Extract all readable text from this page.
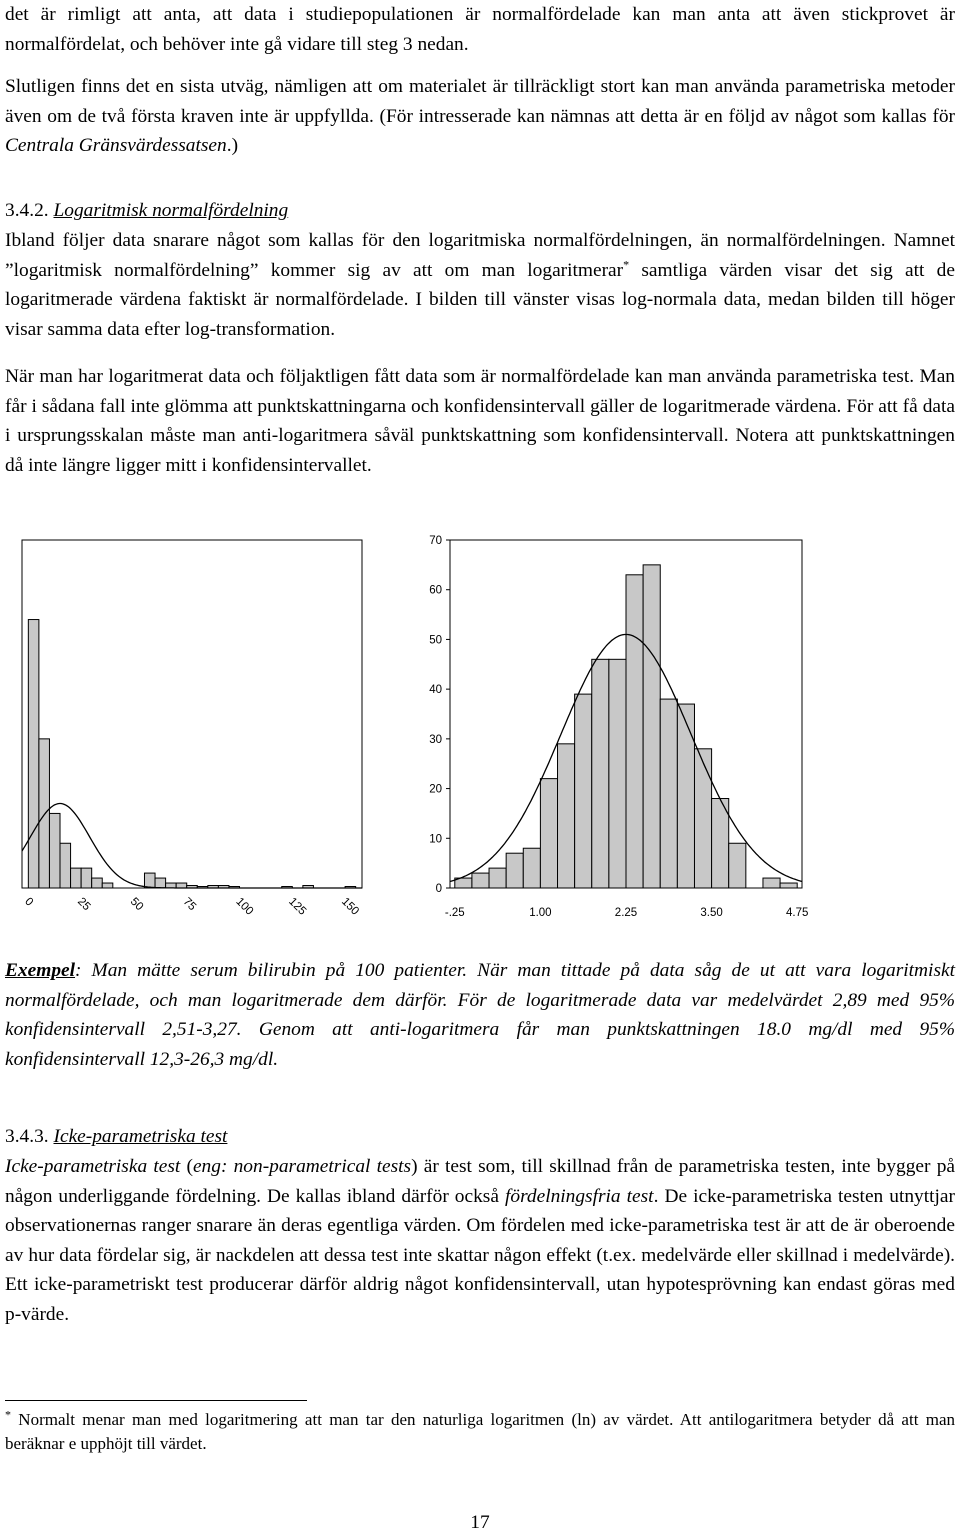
det är rimligt att anta, att data i studiepopulationen är normalfördelade kan man anta att även stickprovet är normalfördelat, och behöver inte gå vidare till steg 3 nedan.

Slutligen finns det en sista utväg, nämligen att om materialet är tillräckligt stort kan man använda parametriska metoder även om de två första kraven inte är uppfyllda. (För intresserade kan nämnas att detta är en följd av något som kallas för Centrala Gränsvärdessatsen.)

3.4.2. Logaritmisk normalfördelning

Ibland följer data snarare något som kallas för den logaritmiska normalfördelningen, än normalfördelningen. Namnet ”logaritmisk normalfördelning” kommer sig av att om man logaritmerar* samtliga värden visar det sig att de logaritmerade värdena faktiskt är normalfördelade. I bilden till vänster visas log-normala data, medan bilden till höger visar samma data efter log-transformation.

När man har logaritmerat data och följaktligen fått data som är normalfördelade kan man använda parametriska test. Man får i sådana fall inte glömma att punktskattningarna och konfidensintervall gäller de logaritmerade värdena. För att få data i ursprungsskalan måste man anti-logaritmera såväl punktskattning som konfidensintervall. Notera att punktskattningen då inte längre ligger mitt i konfidensintervallet.

0	25	50	75	100	125	150
0
10
20
30
40
50
60
70
-.25	1.00	2.25	3.50	4.75

Exempel: Man mätte serum bilirubin på 100 patienter. När man tittade på data såg de ut att vara logaritmiskt normalfördelade, och man logaritmerade dem därför. För de logaritmerade data var medelvärdet 2,89 med 95% konfidensintervall 2,51-3,27. Genom att anti-logaritmera får man punktskattningen 18.0 mg/dl med 95% konfidensintervall 12,3-26,3 mg/dl.

3.4.3. Icke-parametriska test

Icke-parametriska test (eng: non-parametrical tests) är test som, till skillnad från de parametriska testen, inte bygger på någon underliggande fördelning. De kallas ibland därför också fördelningsfria test. De icke-parametriska testen utnyttjar observationernas ranger snarare än deras egentliga värden. Om fördelen med icke-parametriska test är att de är oberoende av hur data fördelar sig, är nackdelen att dessa test inte skattar någon effekt (t.ex. medelvärde eller skillnad i medelvärde). Ett icke-parametriskt test producerar därför aldrig något konfidensintervall, utan hypotesprövning kan endast göras med p-värde.

* Normalt menar man med logaritmering att man tar den naturliga logaritmen (ln) av värdet. Att antilogaritmera betyder då att man beräknar e upphöjt till värdet.

17
